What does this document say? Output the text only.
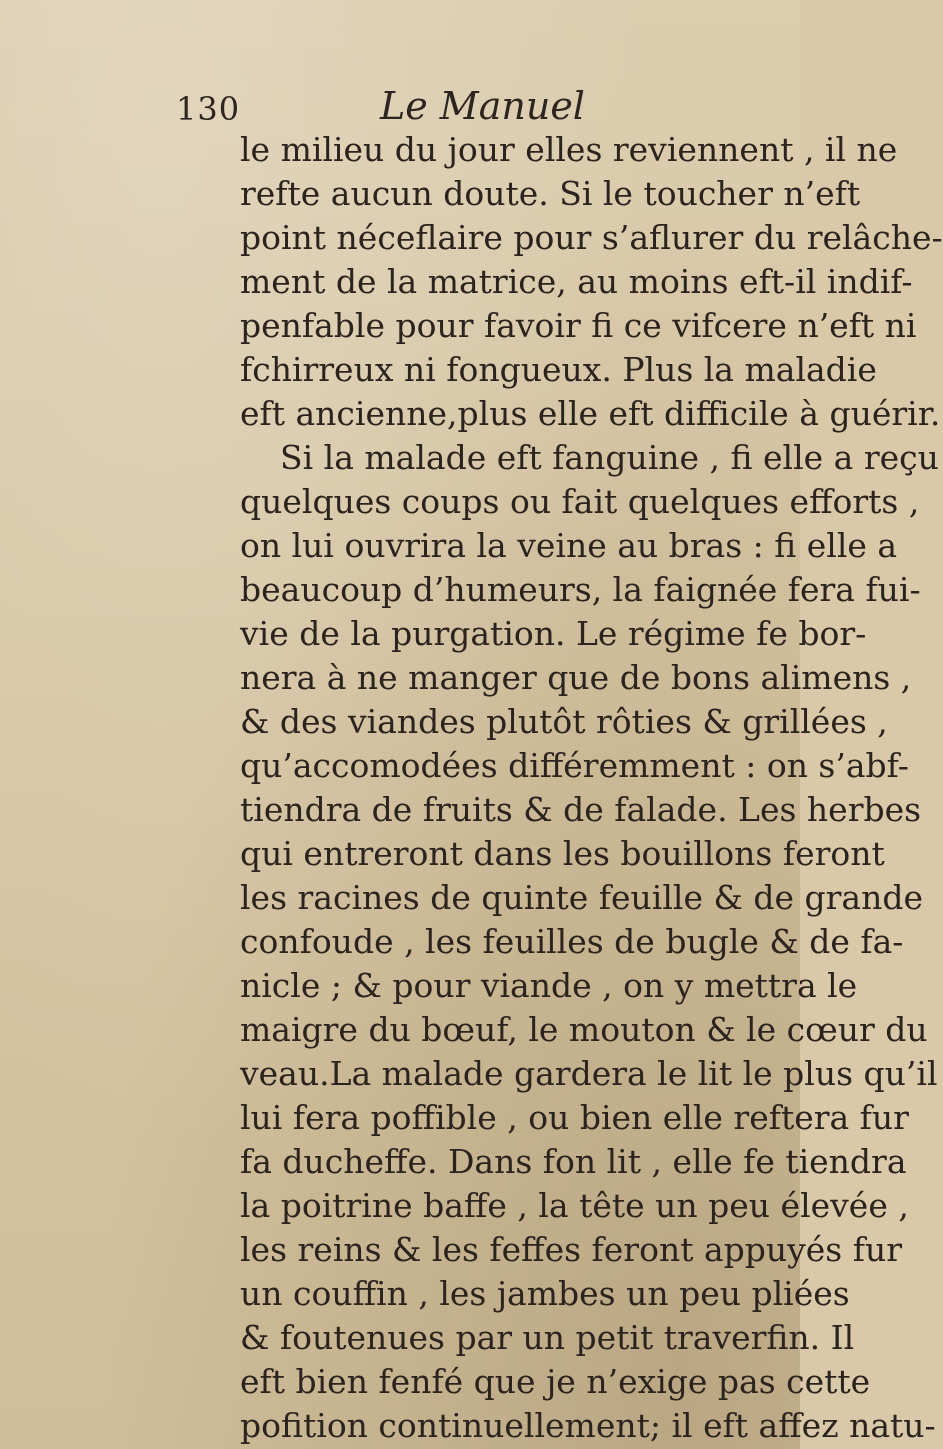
130	Le Manuel
le milieu du jour elles reviennent , il ne
refte aucun doute. Si le toucher n’eft
point néceflaire pour s’aflurer du relâche-
ment de la matrice, au moins eft-il indif-
penfable pour favoir fi ce vifcere n’eft ni
fchirreux ni fongueux. Plus la maladie
eft ancienne,plus elle eft difficile à guérir.
Si la malade eft fanguine , fi elle a reçu
quelques coups ou fait quelques efforts ,
on lui ouvrira la veine au bras : fi elle a
beaucoup d’humeurs, la faignée fera fui-
vie de la purgation. Le régime fe bor-
nera à ne manger que de bons alimens ,
& des viandes plutôt rôties & grillées ,
qu’accomodées différemment : on s’abf-
tiendra de fruits & de falade. Les herbes
qui entreront dans les bouillons feront
les racines de quinte feuille & de grande
confoude , les feuilles de bugle & de fa-
nicle ; & pour viande , on y mettra le
maigre du bœuf, le mouton & le cœur du
veau.La malade gardera le lit le plus qu’il
lui fera poffible , ou bien elle reftera fur
fa ducheffe. Dans fon lit , elle fe tiendra
la poitrine baffe , la tête un peu élevée ,
les reins & les feffes feront appuyés fur
un couffin , les jambes un peu pliées
& foutenues par un petit traverfin. Il
eft bien fenfé que je n’exige pas cette
pofition continuellement; il eft affez natu-
